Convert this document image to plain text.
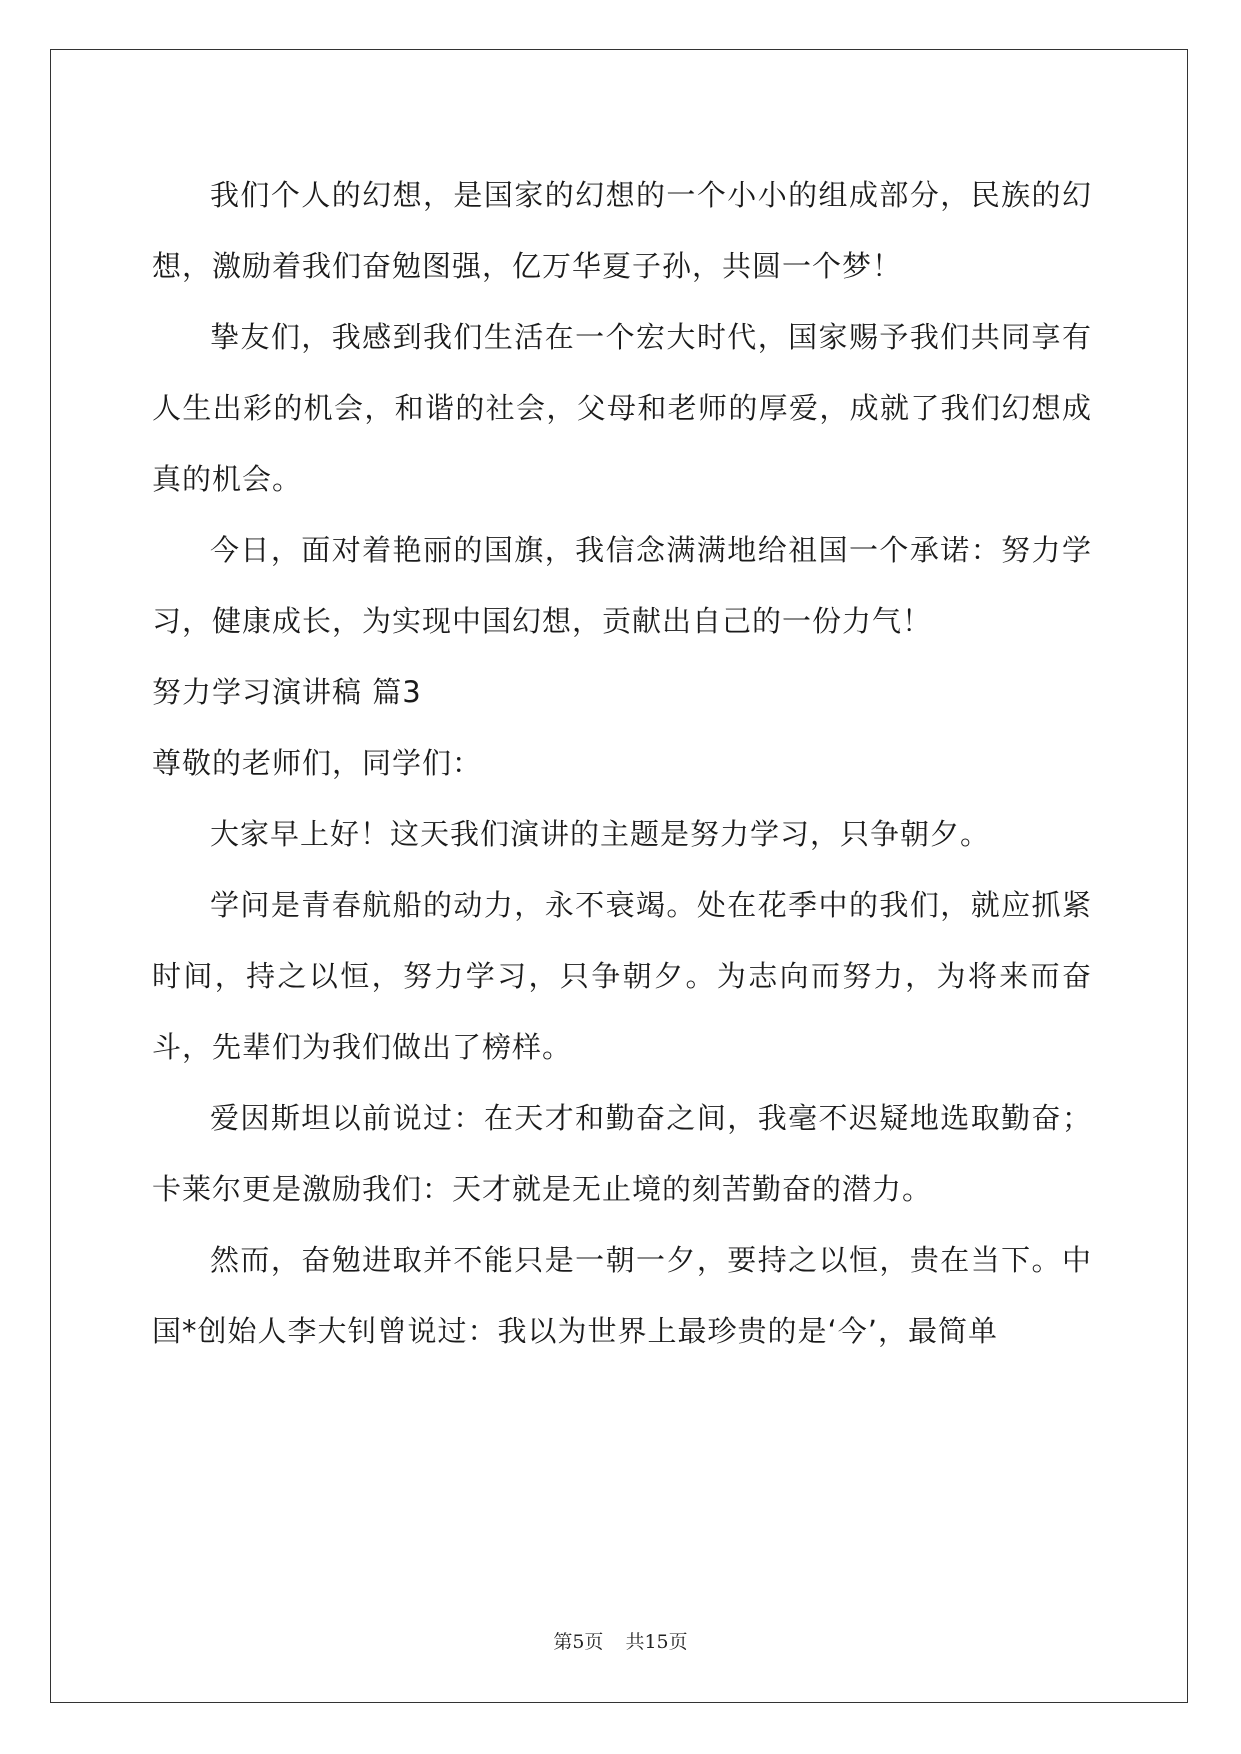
我们个人的幻想，是国家的幻想的一个小小的组成部分，民族的幻想，激励着我们奋勉图强，亿万华夏子孙，共圆一个梦！

挚友们，我感到我们生活在一个宏大时代，国家赐予我们共同享有人生出彩的机会，和谐的社会，父母和老师的厚爱，成就了我们幻想成真的机会。

今日，面对着艳丽的国旗，我信念满满地给祖国一个承诺：努力学习，健康成长，为实现中国幻想，贡献出自己的一份力气！

努力学习演讲稿 篇3

尊敬的老师们，同学们：

大家早上好！这天我们演讲的主题是努力学习，只争朝夕。

学问是青春航船的动力，永不衰竭。处在花季中的我们，就应抓紧时间，持之以恒，努力学习，只争朝夕。为志向而努力，为将来而奋斗，先辈们为我们做出了榜样。

爱因斯坦以前说过：在天才和勤奋之间，我毫不迟疑地选取勤奋；卡莱尔更是激励我们：天才就是无止境的刻苦勤奋的潜力。

然而，奋勉进取并不能只是一朝一夕，要持之以恒，贵在当下。中国*创始人李大钊曾说过：我以为世界上最珍贵的是‘今’，最简单

第5页 共15页
